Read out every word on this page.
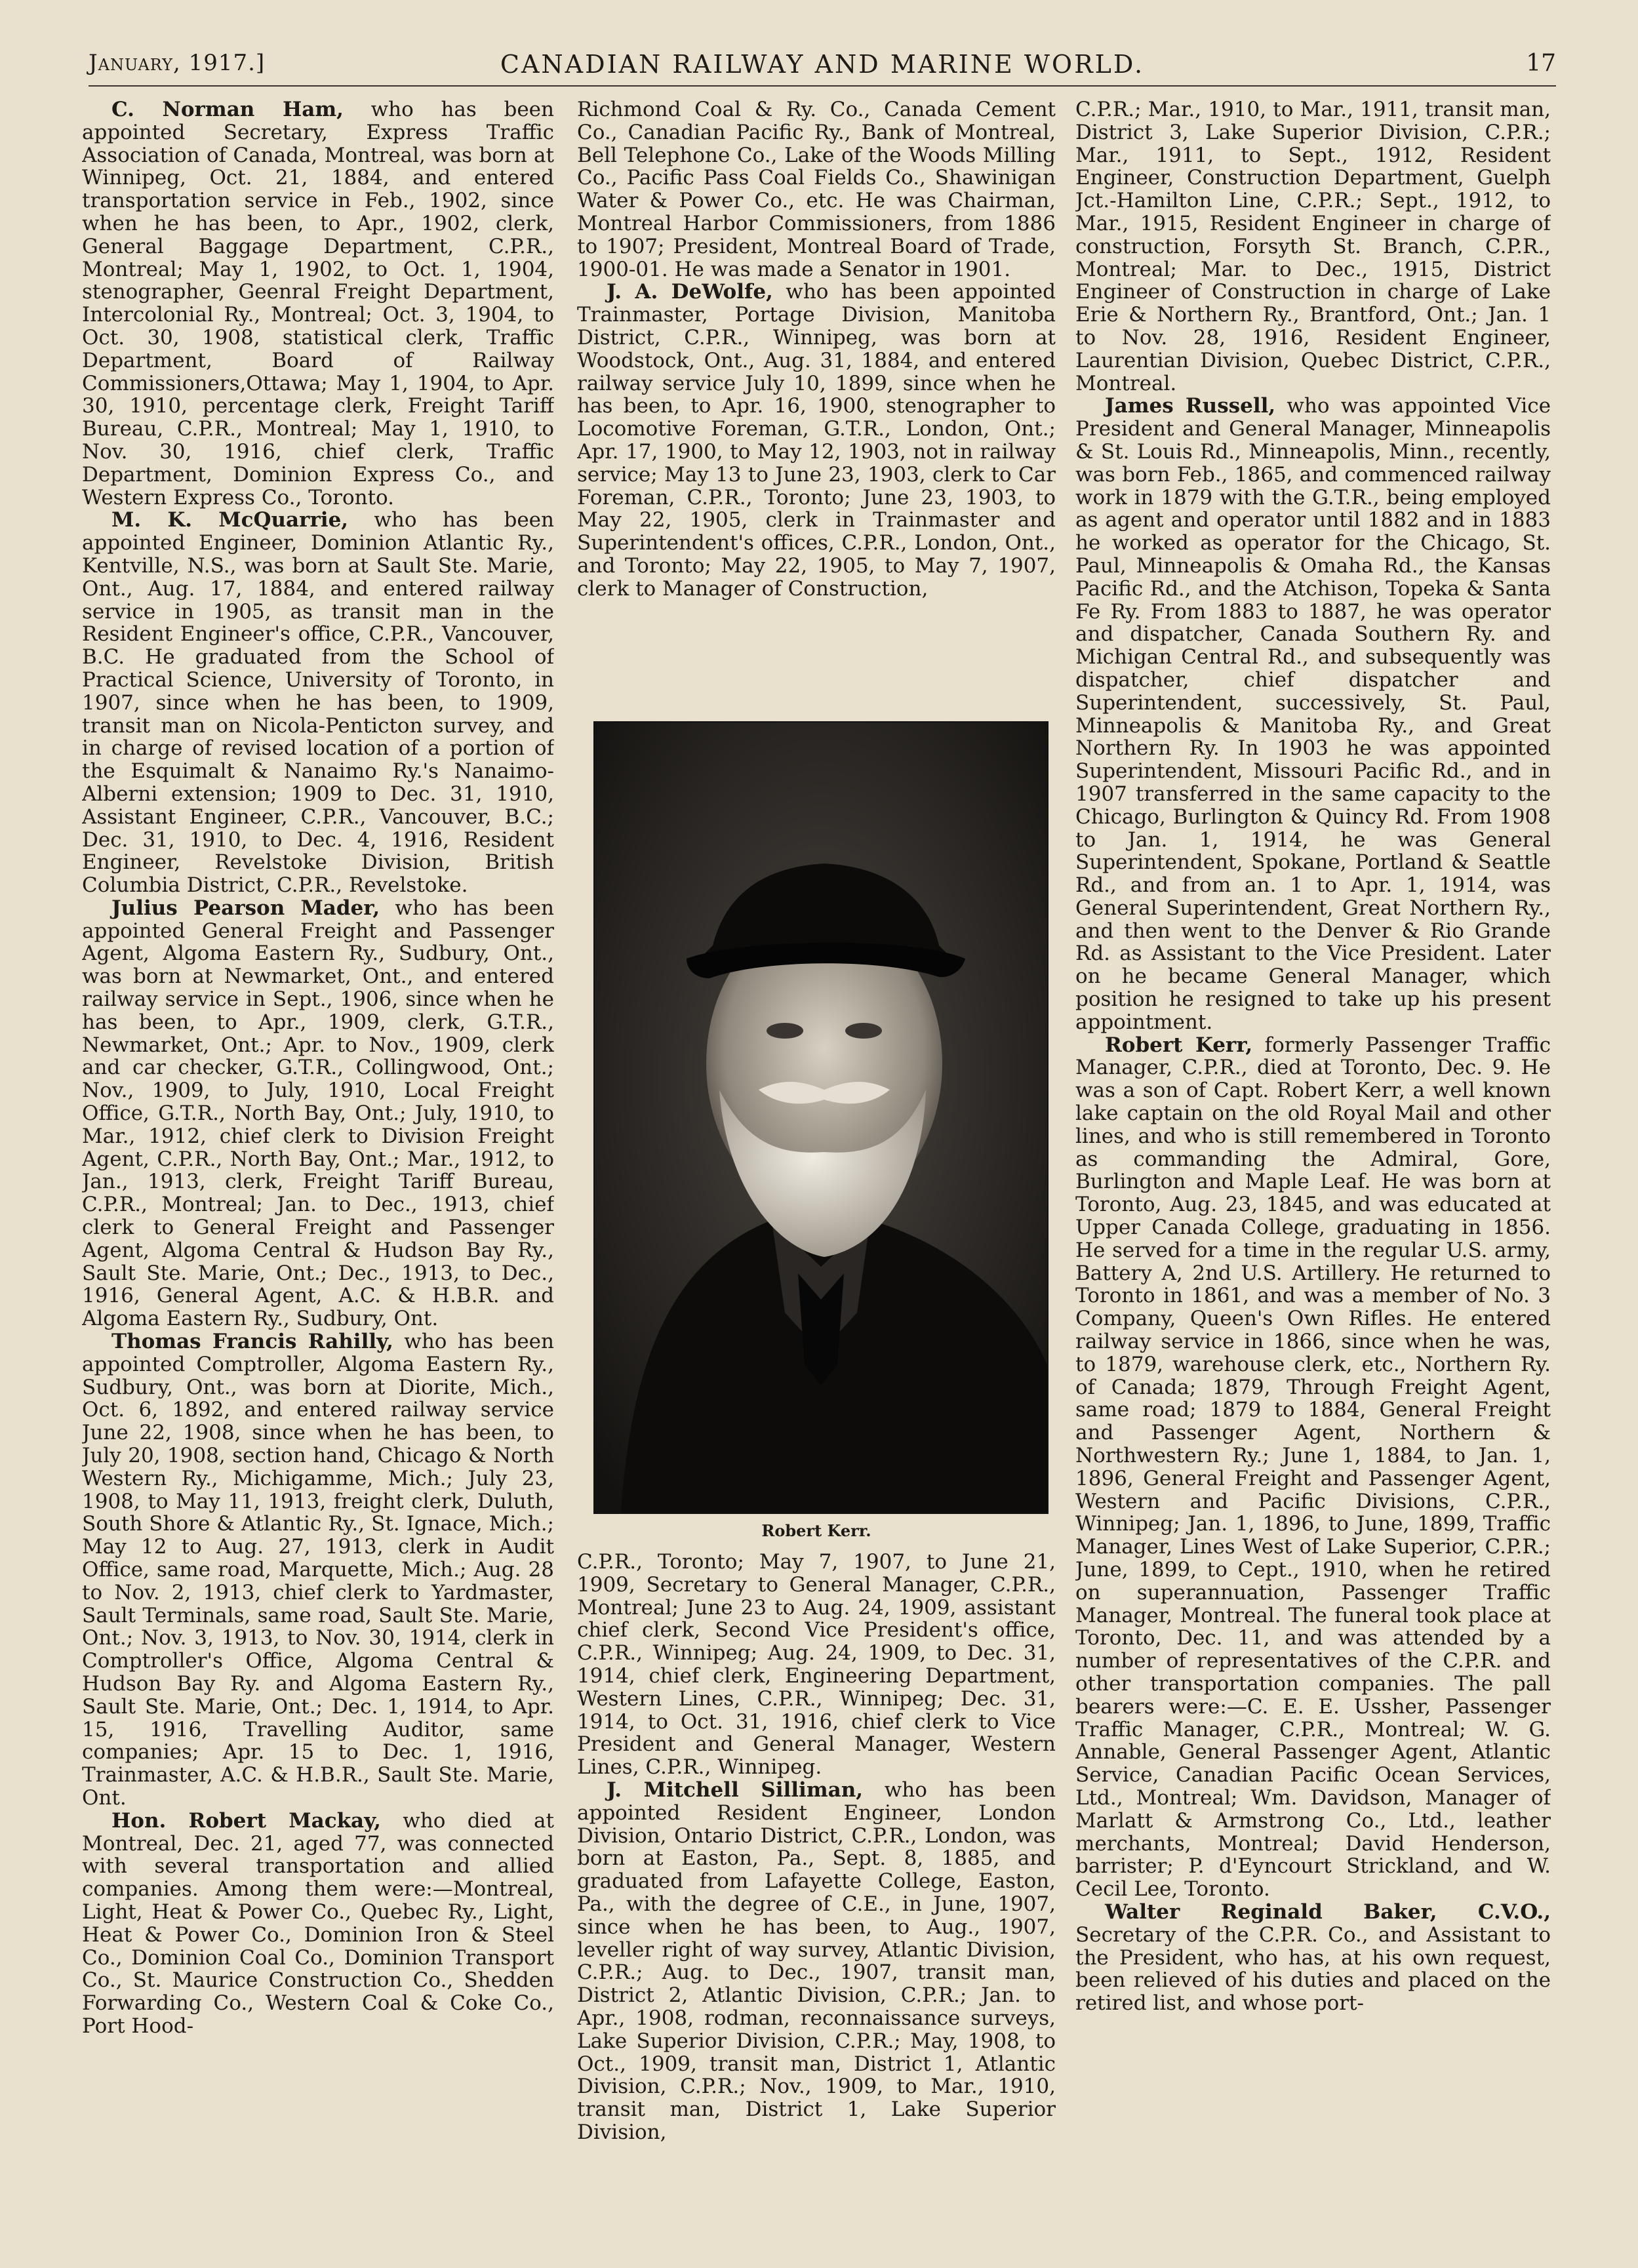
January, 1917.]	CANADIAN RAILWAY AND MARINE WORLD.	17

C. Norman Ham, who has been appointed Secretary, Express Traffic Association of Canada, Montreal, was born at Winnipeg, Oct. 21, 1884, and entered transportation service in Feb., 1902, since when he has been, to Apr., 1902, clerk, General Baggage Department, C.P.R., Montreal; May 1, 1902, to Oct. 1, 1904, stenographer, Geenral Freight Department, Intercolonial Ry., Montreal; Oct. 3, 1904, to Oct. 30, 1908, statistical clerk, Traffic Department, Board of Railway Commissioners,Ottawa; May 1, 1904, to Apr. 30, 1910, percentage clerk, Freight Tariff Bureau, C.P.R., Montreal; May 1, 1910, to Nov. 30, 1916, chief clerk, Traffic Department, Dominion Express Co., and Western Express Co., Toronto.

M. K. McQuarrie, who has been appointed Engineer, Dominion Atlantic Ry., Kentville, N.S., was born at Sault Ste. Marie, Ont., Aug. 17, 1884, and entered railway service in 1905, as transit man in the Resident Engineer's office, C.P.R., Vancouver, B.C. He graduated from the School of Practical Science, University of Toronto, in 1907, since when he has been, to 1909, transit man on Nicola-Penticton survey, and in charge of revised location of a portion of the Esquimalt & Nanaimo Ry.'s Nanaimo-Alberni extension; 1909 to Dec. 31, 1910, Assistant Engineer, C.P.R., Vancouver, B.C.; Dec. 31, 1910, to Dec. 4, 1916, Resident Engineer, Revelstoke Division, British Columbia District, C.P.R., Revelstoke.

Julius Pearson Mader, who has been appointed General Freight and Passenger Agent, Algoma Eastern Ry., Sudbury, Ont., was born at Newmarket, Ont., and entered railway service in Sept., 1906, since when he has been, to Apr., 1909, clerk, G.T.R., Newmarket, Ont.; Apr. to Nov., 1909, clerk and car checker, G.T.R., Collingwood, Ont.; Nov., 1909, to July, 1910, Local Freight Office, G.T.R., North Bay, Ont.; July, 1910, to Mar., 1912, chief clerk to Division Freight Agent, C.P.R., North Bay, Ont.; Mar., 1912, to Jan., 1913, clerk, Freight Tariff Bureau, C.P.R., Montreal; Jan. to Dec., 1913, chief clerk to General Freight and Passenger Agent, Algoma Central & Hudson Bay Ry., Sault Ste. Marie, Ont.; Dec., 1913, to Dec., 1916, General Agent, A.C. & H.B.R. and Algoma Eastern Ry., Sudbury, Ont.

Thomas Francis Rahilly, who has been appointed Comptroller, Algoma Eastern Ry., Sudbury, Ont., was born at Diorite, Mich., Oct. 6, 1892, and entered railway service June 22, 1908, since when he has been, to July 20, 1908, section hand, Chicago & North Western Ry., Michigamme, Mich.; July 23, 1908, to May 11, 1913, freight clerk, Duluth, South Shore & Atlantic Ry., St. Ignace, Mich.; May 12 to Aug. 27, 1913, clerk in Audit Office, same road, Marquette, Mich.; Aug. 28 to Nov. 2, 1913, chief clerk to Yardmaster, Sault Terminals, same road, Sault Ste. Marie, Ont.; Nov. 3, 1913, to Nov. 30, 1914, clerk in Comptroller's Office, Algoma Central & Hudson Bay Ry. and Algoma Eastern Ry., Sault Ste. Marie, Ont.; Dec. 1, 1914, to Apr. 15, 1916, Travelling Auditor, same companies; Apr. 15 to Dec. 1, 1916, Trainmaster, A.C. & H.B.R., Sault Ste. Marie, Ont.

Hon. Robert Mackay, who died at Montreal, Dec. 21, aged 77, was connected with several transportation and allied companies. Among them were:—Montreal, Light, Heat & Power Co., Quebec Ry., Light, Heat & Power Co., Dominion Iron & Steel Co., Dominion Coal Co., Dominion Transport Co., St. Maurice Construction Co., Shedden Forwarding Co., Western Coal & Coke Co., Port Hood-

Richmond Coal & Ry. Co., Canada Cement Co., Canadian Pacific Ry., Bank of Montreal, Bell Telephone Co., Lake of the Woods Milling Co., Pacific Pass Coal Fields Co., Shawinigan Water & Power Co., etc. He was Chairman, Montreal Harbor Commissioners, from 1886 to 1907; President, Montreal Board of Trade, 1900-01. He was made a Senator in 1901.

J. A. DeWolfe, who has been appointed Trainmaster, Portage Division, Manitoba District, C.P.R., Winnipeg, was born at Woodstock, Ont., Aug. 31, 1884, and entered railway service July 10, 1899, since when he has been, to Apr. 16, 1900, stenographer to Locomotive Foreman, G.T.R., London, Ont.; Apr. 17, 1900, to May 12, 1903, not in railway service; May 13 to June 23, 1903, clerk to Car Foreman, C.P.R., Toronto; June 23, 1903, to May 22, 1905, clerk in Trainmaster and Superintendent's offices, C.P.R., London, Ont., and Toronto; May 22, 1905, to May 7, 1907, clerk to Manager of Construction,

Robert Kerr.

C.P.R., Toronto; May 7, 1907, to June 21, 1909, Secretary to General Manager, C.P.R., Montreal; June 23 to Aug. 24, 1909, assistant chief clerk, Second Vice President's office, C.P.R., Winnipeg; Aug. 24, 1909, to Dec. 31, 1914, chief clerk, Engineering Department, Western Lines, C.P.R., Winnipeg; Dec. 31, 1914, to Oct. 31, 1916, chief clerk to Vice President and General Manager, Western Lines, C.P.R., Winnipeg.

J. Mitchell Silliman, who has been appointed Resident Engineer, London Division, Ontario District, C.P.R., London, was born at Easton, Pa., Sept. 8, 1885, and graduated from Lafayette College, Easton, Pa., with the degree of C.E., in June, 1907, since when he has been, to Aug., 1907, leveller right of way survey, Atlantic Division, C.P.R.; Aug. to Dec., 1907, transit man, District 2, Atlantic Division, C.P.R.; Jan. to Apr., 1908, rodman, reconnaissance surveys, Lake Superior Division, C.P.R.; May, 1908, to Oct., 1909, transit man, District 1, Atlantic Division, C.P.R.; Nov., 1909, to Mar., 1910, transit man, District 1, Lake Superior Division,

C.P.R.; Mar., 1910, to Mar., 1911, transit man, District 3, Lake Superior Division, C.P.R.; Mar., 1911, to Sept., 1912, Resident Engineer, Construction Department, Guelph Jct.-Hamilton Line, C.P.R.; Sept., 1912, to Mar., 1915, Resident Engineer in charge of construction, Forsyth St. Branch, C.P.R., Montreal; Mar. to Dec., 1915, District Engineer of Construction in charge of Lake Erie & Northern Ry., Brantford, Ont.; Jan. 1 to Nov. 28, 1916, Resident Engineer, Laurentian Division, Quebec District, C.P.R., Montreal.

James Russell, who was appointed Vice President and General Manager, Minneapolis & St. Louis Rd., Minneapolis, Minn., recently, was born Feb., 1865, and commenced railway work in 1879 with the G.T.R., being employed as agent and operator until 1882 and in 1883 he worked as operator for the Chicago, St. Paul, Minneapolis & Omaha Rd., the Kansas Pacific Rd., and the Atchison, Topeka & Santa Fe Ry. From 1883 to 1887, he was operator and dispatcher, Canada Southern Ry. and Michigan Central Rd., and subsequently was dispatcher, chief dispatcher and Superintendent, successively, St. Paul, Minneapolis & Manitoba Ry., and Great Northern Ry. In 1903 he was appointed Superintendent, Missouri Pacific Rd., and in 1907 transferred in the same capacity to the Chicago, Burlington & Quincy Rd. From 1908 to Jan. 1, 1914, he was General Superintendent, Spokane, Portland & Seattle Rd., and from an. 1 to Apr. 1, 1914, was General Superintendent, Great Northern Ry., and then went to the Denver & Rio Grande Rd. as Assistant to the Vice President. Later on he became General Manager, which position he resigned to take up his present appointment.

Robert Kerr, formerly Passenger Traffic Manager, C.P.R., died at Toronto, Dec. 9. He was a son of Capt. Robert Kerr, a well known lake captain on the old Royal Mail and other lines, and who is still remembered in Toronto as commanding the Admiral, Gore, Burlington and Maple Leaf. He was born at Toronto, Aug. 23, 1845, and was educated at Upper Canada College, graduating in 1856. He served for a time in the regular U.S. army, Battery A, 2nd U.S. Artillery. He returned to Toronto in 1861, and was a member of No. 3 Company, Queen's Own Rifles. He entered railway service in 1866, since when he was, to 1879, warehouse clerk, etc., Northern Ry. of Canada; 1879, Through Freight Agent, same road; 1879 to 1884, General Freight and Passenger Agent, Northern & Northwestern Ry.; June 1, 1884, to Jan. 1, 1896, General Freight and Passenger Agent, Western and Pacific Divisions, C.P.R., Winnipeg; Jan. 1, 1896, to June, 1899, Traffic Manager, Lines West of Lake Superior, C.P.R.; June, 1899, to Cept., 1910, when he retired on superannuation, Passenger Traffic Manager, Montreal. The funeral took place at Toronto, Dec. 11, and was attended by a number of representatives of the C.P.R. and other transportation companies. The pall bearers were:—C. E. E. Ussher, Passenger Traffic Manager, C.P.R., Montreal; W. G. Annable, General Passenger Agent, Atlantic Service, Canadian Pacific Ocean Services, Ltd., Montreal; Wm. Davidson, Manager of Marlatt & Armstrong Co., Ltd., leather merchants, Montreal; David Henderson, barrister; P. d'Eyncourt Strickland, and W. Cecil Lee, Toronto.

Walter Reginald Baker, C.V.O., Secretary of the C.P.R. Co., and Assistant to the President, who has, at his own request, been relieved of his duties and placed on the retired list, and whose port-
